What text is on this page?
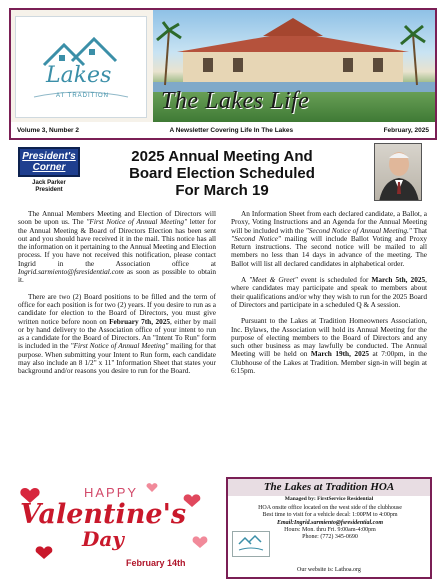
Lakes
AT TRADITION The Lakes Life
Volume 3, Number 2	A Newsletter Covering Life In The Lakes	February, 2025
President's
Corner
Jack Parker
President
2025 Annual Meeting And
Board Election Scheduled
For March 19

The Annual Members Meeting and Election of Directors will soon be upon us. The "First Notice of Annual Meeting" letter for the Annual Meeting & Board of Directors Election has been sent out and you should have received it in the mail. This notice has all the information on it pertaining to the Annual Meeting and Election process. If you have not received this notification, please contact Ingrid in the Association office at Ingrid.sarmiento@fsresidential.com as soon as possible to obtain it.

There are two (2) Board positions to be filled and the term of office for each position is for two (2) years. If you desire to run as a candidate for election to the Board of Directors, you must give written notice before noon on February 7th, 2025, either by mail or by hand delivery to the Association office of your intent to run as a candidate for the Board of Directors. An "Intent To Run" form is included in the "First Notice of Annual Meeting" mailing for that purpose. When submitting your Intent to Run form, each candidate may also include an 8 1/2" x 11" Information Sheet that states your background and/or reasons you desire to run for the Board.

An Information Sheet from each declared candidate, a Ballot, a Proxy, Voting Instructions and an Agenda for the Annual Meeting will be included with the "Second Notice of Annual Meeting." That "Second Notice" mailing will include Ballot Voting and Proxy Return instructions. The second notice will be mailed to all members no less than 14 days in advance of the meeting. The Ballot will list all declared candidates in alphabetical order.

A "Meet & Greet" event is scheduled for March 5th, 2025, where candidates may participate and speak to members about their qualifications and/or why they wish to run for the 2025 Board of Directors and participate in a scheduled Q & A session.

Pursuant to the Lakes at Tradition Homeowners Association, Inc. Bylaws, the Association will hold its Annual Meeting for the purpose of electing members to the Board of Directors and any such other business as may lawfully be conducted. The Annual Meeting will be held on March 19th, 2025 at 7:00pm, in the Clubhouse of the Lakes at Tradition. Member sign-in will begin at 6:15pm.

HAPPY
Valentine's
Day
February 14th
The Lakes at Tradition HOA
Managed by: FirstService Residential
HOA onsite office located on the west side of the clubhouse
Best time to visit for a vehicle decal: 1:00PM to 4:00pm
Email:Ingrid.sarmiento@fsresidential.com
Hours: Mon. thru Fri. 9:00am-4:00pm
Phone: (772) 345-0690
Our website is: Lathoa.org
